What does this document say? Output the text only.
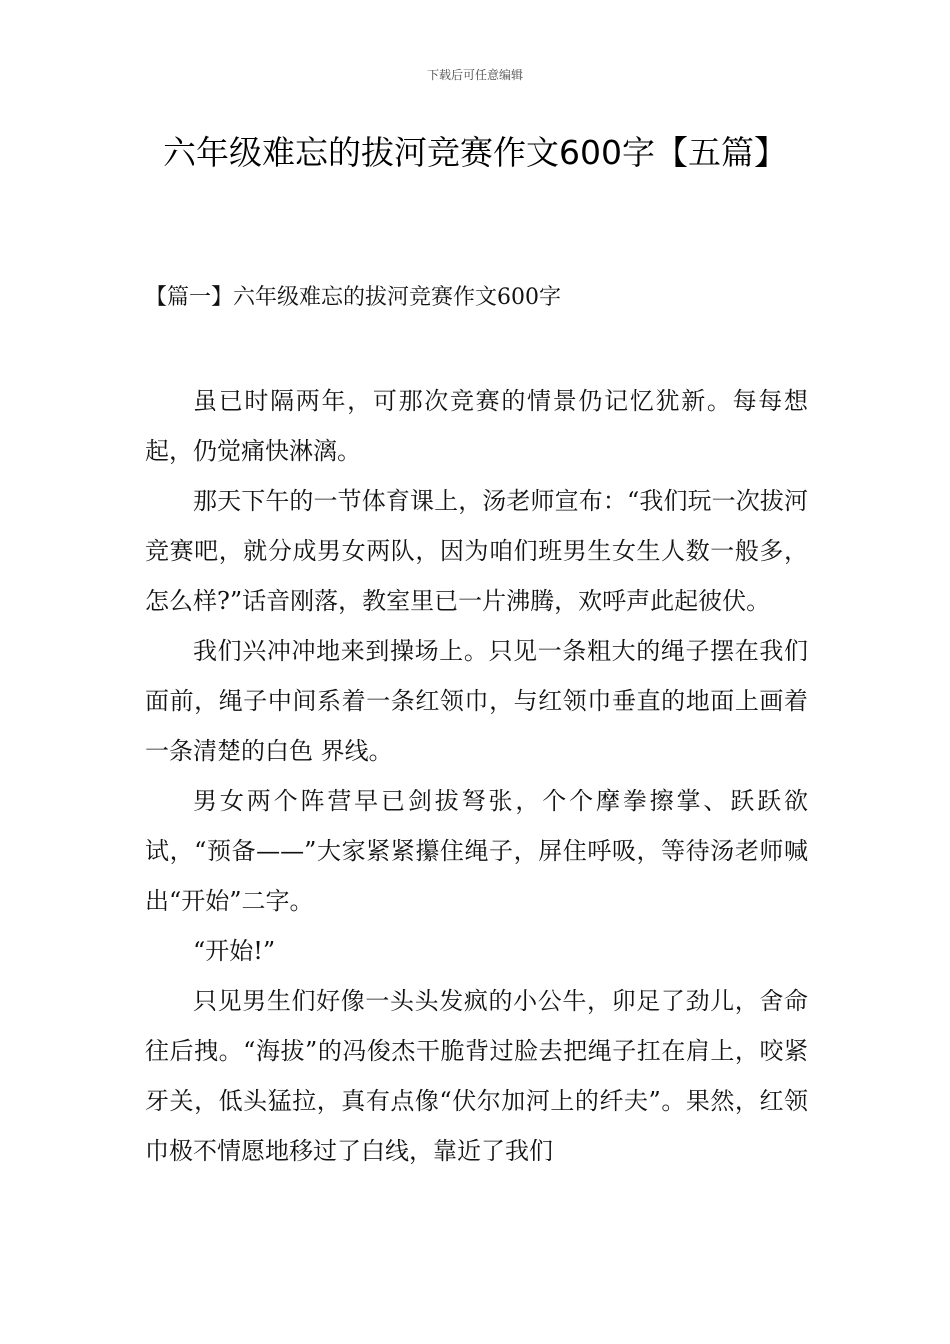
下载后可任意编辑
六年级难忘的拔河竞赛作文600字【五篇】
【篇一】六年级难忘的拔河竞赛作文600字

虽已时隔两年，可那次竞赛的情景仍记忆犹新。每每想起，仍觉痛快淋漓。

那天下午的一节体育课上，汤老师宣布：“我们玩一次拔河竞赛吧，就分成男女两队，因为咱们班男生女生人数一般多，怎么样?”话音刚落，教室里已一片沸腾，欢呼声此起彼伏。

我们兴冲冲地来到操场上。只见一条粗大的绳子摆在我们面前，绳子中间系着一条红领巾，与红领巾垂直的地面上画着一条清楚的白色 界线。

男女两个阵营早已剑拔弩张，个个摩拳擦掌、跃跃欲试，“预备——”大家紧紧攥住绳子，屏住呼吸，等待汤老师喊出“开始”二字。

“开始!”

只见男生们好像一头头发疯的小公牛，卯足了劲儿，舍命往后拽。“海拔”的冯俊杰干脆背过脸去把绳子扛在肩上，咬紧牙关，低头猛拉，真有点像“伏尔加河上的纤夫”。果然，红领巾极不情愿地移过了白线，靠近了我们
